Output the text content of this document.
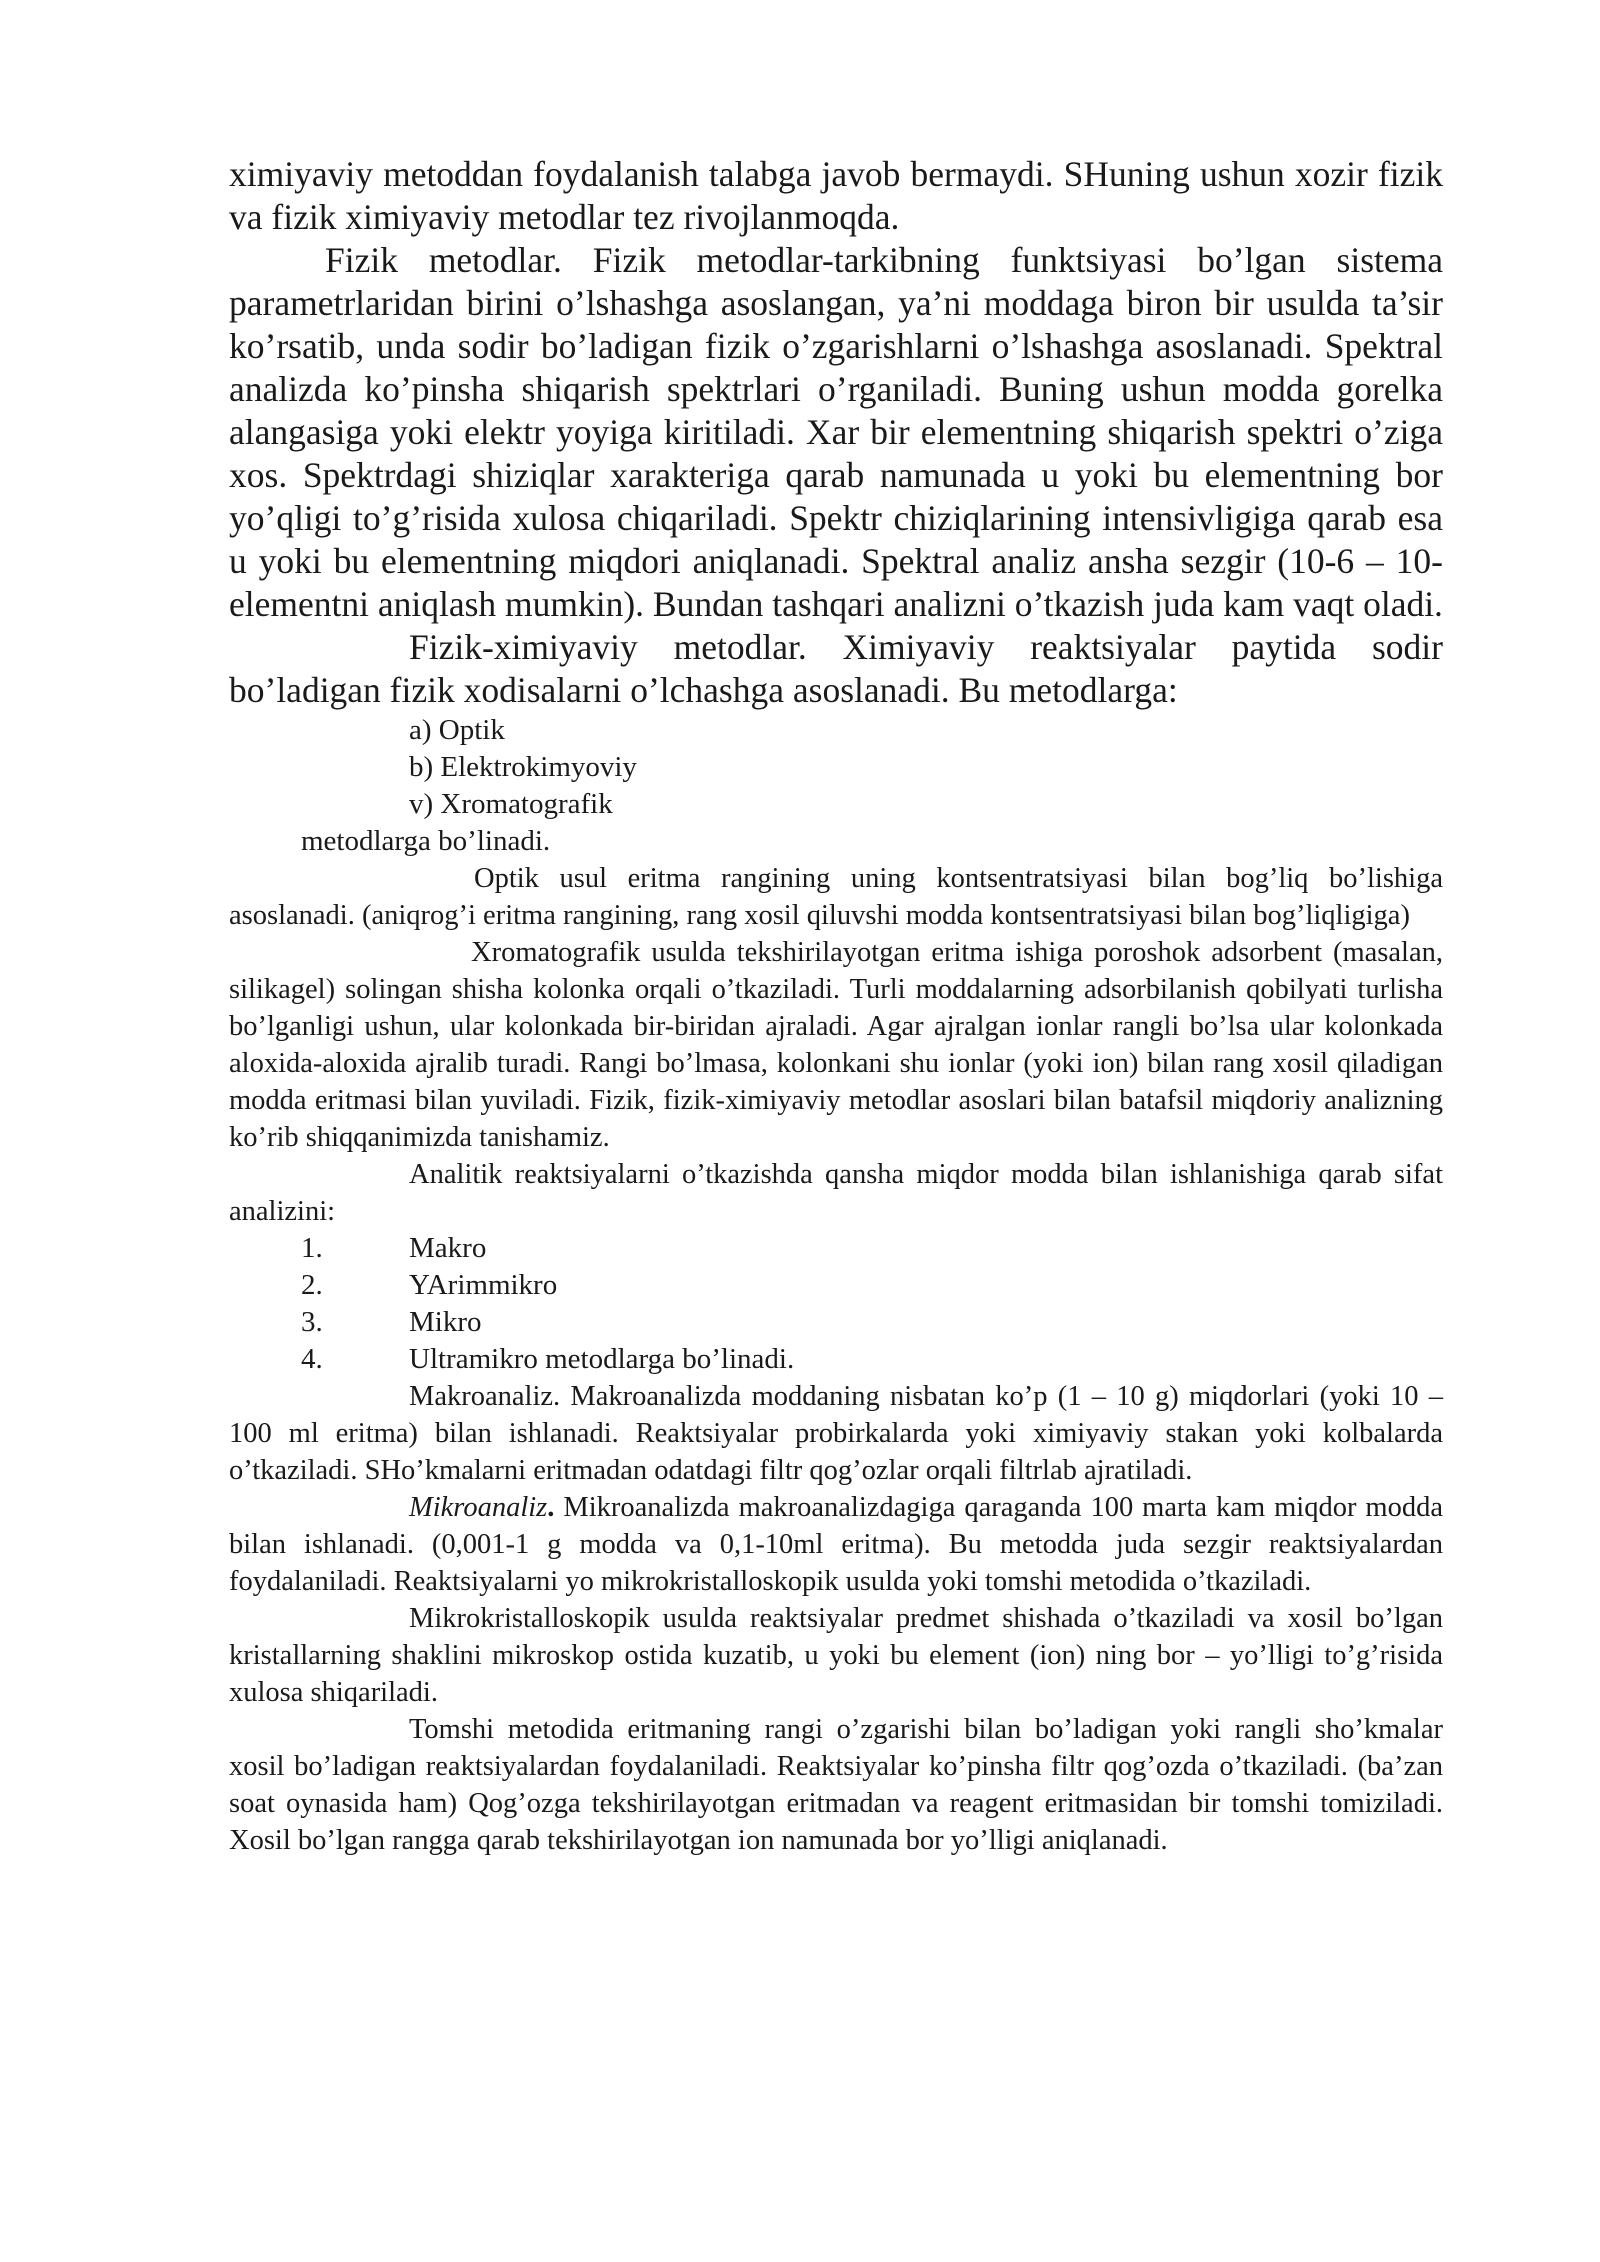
ximiyaviy metoddan foydalanish talabga javob bermaydi. SHuning ushun xozir fizik va fizik ximiyaviy metodlar tez rivojlanmoqda.

Fizik metodlar. Fizik metodlar-tarkibning funktsiyasi bo’lgan sistema parametrlaridan birini o’lshashga asoslangan, ya’ni moddaga biron bir usulda ta’sir ko’rsatib, unda sodir bo’ladigan fizik o’zgarishlarni o’lshashga asoslanadi. Spektral analizda ko’pinsha shiqarish spektrlari o’rganiladi. Buning ushun modda gorelka alangasiga yoki elektr yoyiga kiritiladi. Xar bir elementning shiqarish spektri o’ziga xos. Spektrdagi shiziqlar xarakteriga qarab namunada u yoki bu elementning bor yo’qligi to’g’risida xulosa chiqariladi. Spektr chiziqlarining intensivligiga qarab esa u yoki bu elementning miqdori aniqlanadi. Spektral analiz ansha sezgir (10-6 – 10- elementni aniqlash mumkin). Bundan tashqari analizni o’tkazish juda kam vaqt oladi.

Fizik-ximiyaviy metodlar. Ximiyaviy reaktsiyalar paytida sodir bo’ladigan fizik xodisalarni o’lchashga asoslanadi. Bu metodlarga:

a) Optik
b) Elektrokimyoviy
v) Xromatografik
metodlarga bo’linadi.

Optik usul eritma rangining uning kontsentratsiyasi bilan bog’liq bo’lishiga asoslanadi. (aniqrog’i eritma rangining, rang xosil qiluvshi modda kontsentratsiyasi bilan bog’liqligiga)

Xromatografik usulda tekshirilayotgan eritma ishiga poroshok adsorbent (masalan, silikagel) solingan shisha kolonka orqali o’tkaziladi. Turli moddalarning adsorbilanish qobilyati turlisha bo’lganligi ushun, ular kolonkada bir-biridan ajraladi. Agar ajralgan ionlar rangli bo’lsa ular kolonkada aloxida-aloxida ajralib turadi. Rangi bo’lmasa, kolonkani shu ionlar (yoki ion) bilan rang xosil qiladigan modda eritmasi bilan yuviladi. Fizik, fizik-ximiyaviy metodlar asoslari bilan batafsil miqdoriy analizning ko’rib shiqqanimizda tanishamiz.

Analitik reaktsiyalarni o’tkazishda qansha miqdor modda bilan ishlanishiga qarab sifat analizini:

1.	Makro
2.	YArimmikro
3.	Mikro
4.	Ultramikro metodlarga bo’linadi.

Makroanaliz. Makroanalizda moddaning nisbatan ko’p (1 – 10 g) miqdorlari (yoki 10 – 100 ml eritma) bilan ishlanadi. Reaktsiyalar probirkalarda yoki ximiyaviy stakan yoki kolbalarda o’tkaziladi. SHo’kmalarni eritmadan odatdagi filtr qog’ozlar orqali filtrlab ajratiladi.

Mikroanaliz. Mikroanalizda makroanalizdagiga qaraganda 100 marta kam miqdor modda bilan ishlanadi. (0,001-1 g modda va 0,1-10ml eritma). Bu metodda juda sezgir reaktsiyalardan foydalaniladi. Reaktsiyalarni yo mikrokristalloskopik usulda yoki tomshi metodida o’tkaziladi.

Mikrokristalloskopik usulda reaktsiyalar predmet shishada o’tkaziladi va xosil bo’lgan kristallarning shaklini mikroskop ostida kuzatib, u yoki bu element (ion) ning bor – yo’lligi to’g’risida xulosa shiqariladi.

Tomshi metodida eritmaning rangi o’zgarishi bilan bo’ladigan yoki rangli sho’kmalar xosil bo’ladigan reaktsiyalardan foydalaniladi. Reaktsiyalar ko’pinsha filtr qog’ozda o’tkaziladi. (ba’zan soat oynasida ham) Qog’ozga tekshirilayotgan eritmadan va reagent eritmasidan bir tomshi tomiziladi. Xosil bo’lgan rangga qarab tekshirilayotgan ion namunada bor yo’lligi aniqlanadi.
